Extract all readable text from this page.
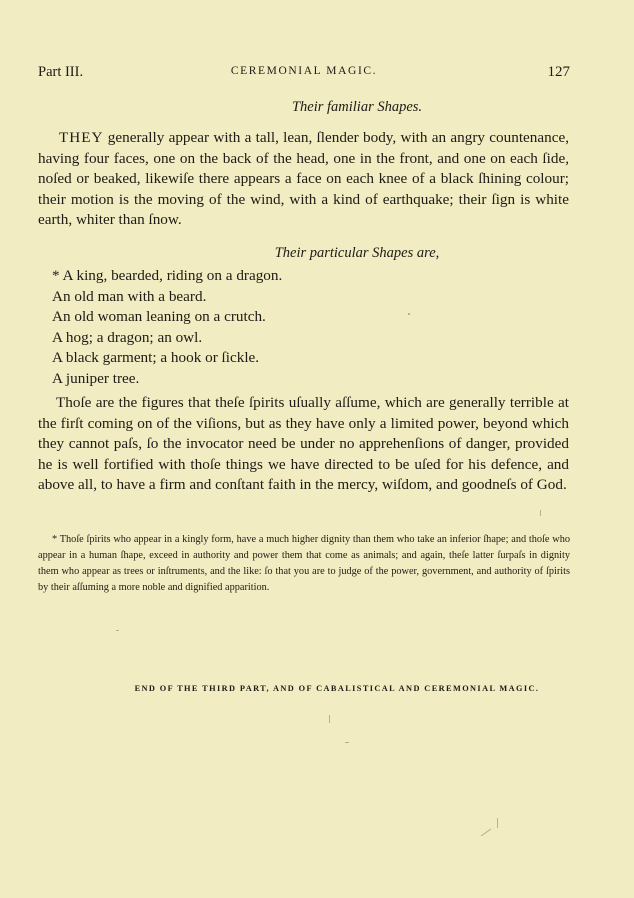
Part III.	CEREMONIAL MAGIC.	127
Their familiar Shapes.
THEY generally appear with a tall, lean, ſlender body, with an angry countenance, having four faces, one on the back of the head, one in the front, and one on each ſide, noſed or beaked, likewiſe there appears a face on each knee of a black ſhining colour; their motion is the moving of the wind, with a kind of earthquake; their ſign is white earth, whiter than ſnow.
Their particular Shapes are,
* A king, bearded, riding on a dragon.
An old man with a beard.
An old woman leaning on a crutch.
A hog; a dragon; an owl.
A black garment; a hook or ſickle.
A juniper tree.
Thoſe are the figures that theſe ſpirits uſually aſſume, which are generally terrible at the firſt coming on of the viſions, but as they have only a limited power, beyond which they cannot paſs, ſo the invocator need be under no apprehenſions of danger, provided he is well fortified with thoſe things we have directed to be uſed for his defence, and above all, to have a firm and conſtant faith in the mercy, wiſdom, and goodneſs of God.
* Thoſe ſpirits who appear in a kingly form, have a much higher dignity than them who take an inferior ſhape; and thoſe who appear in a human ſhape, exceed in authority and power them that come as animals; and again, theſe latter ſurpaſs in dignity them who appear as trees or inſtruments, and the like: ſo that you are to judge of the power, government, and authority of ſpirits by their aſſuming a more noble and dignified apparition.
END OF THE THIRD PART, AND OF CABALISTICAL AND CEREMONIAL MAGIC.
